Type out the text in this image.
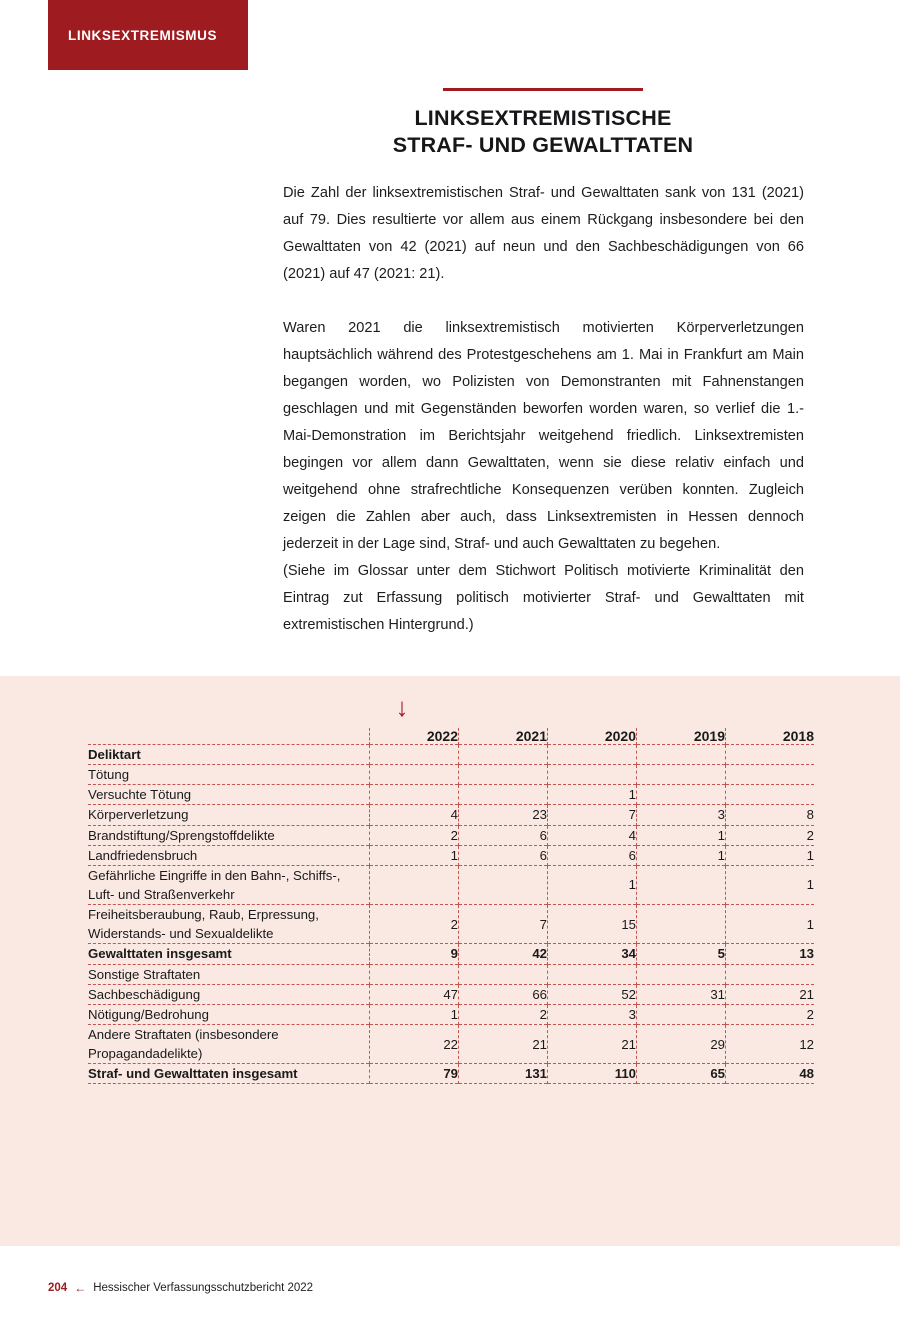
LINKSEXTREMISMUS
LINKSEXTREMISTISCHE
STRAF- UND GEWALTTATEN

Die Zahl der linksextremistischen Straf- und Gewalttaten sank von 131 (2021) auf 79. Dies resultierte vor allem aus einem Rückgang insbesondere bei den Gewalttaten von 42 (2021) auf neun und den Sachbeschädigungen von 66 (2021) auf 47 (2021: 21).

Waren 2021 die linksextremistisch motivierten Körperverletzungen hauptsächlich während des Protestgeschehens am 1. Mai in Frankfurt am Main begangen worden, wo Polizisten von Demonstranten mit Fahnenstangen geschlagen und mit Gegenständen beworfen worden waren, so verlief die 1.-Mai-Demonstration im Berichtsjahr weitgehend friedlich. Linksextremisten begingen vor allem dann Gewalttaten, wenn sie diese relativ einfach und weitgehend ohne strafrechtliche Konsequenzen verüben konnten. Zugleich zeigen die Zahlen aber auch, dass Linksextremisten in Hessen dennoch jederzeit in der Lage sind, Straf- und auch Gewalttaten zu begehen.

(Siehe im Glossar unter dem Stichwort Politisch motivierte Kriminalität den Eintrag zut Erfassung politisch motivierter Straf- und Gewalttaten mit extremistischen Hintergrund.)

↓
	2022	2021	2020	2019	2018
Deliktart					
Tötung					
Versuchte Tötung			1		
Körperverletzung	4	23	7	3	8
Brandstiftung/Sprengstoffdelikte	2	6	4	1	2
Landfriedensbruch	1	6	6	1	1
Gefährliche Eingriffe in den Bahn-, Schiffs-, Luft- und Straßenverkehr			1		1
Freiheitsberaubung, Raub, Erpressung, Widerstands- und Sexualdelikte	2	7	15		1
Gewalttaten insgesamt	9	42	34	5	13
Sonstige Straftaten					
Sachbeschädigung	47	66	52	31	21
Nötigung/Bedrohung	1	2	3		2
Andere Straftaten (insbesondere Propagandadelikte)	22	21	21	29	12
Straf- und Gewalttaten insgesamt	79	131	110	65	48
204 ← Hessischer Verfassungsschutzbericht 2022
